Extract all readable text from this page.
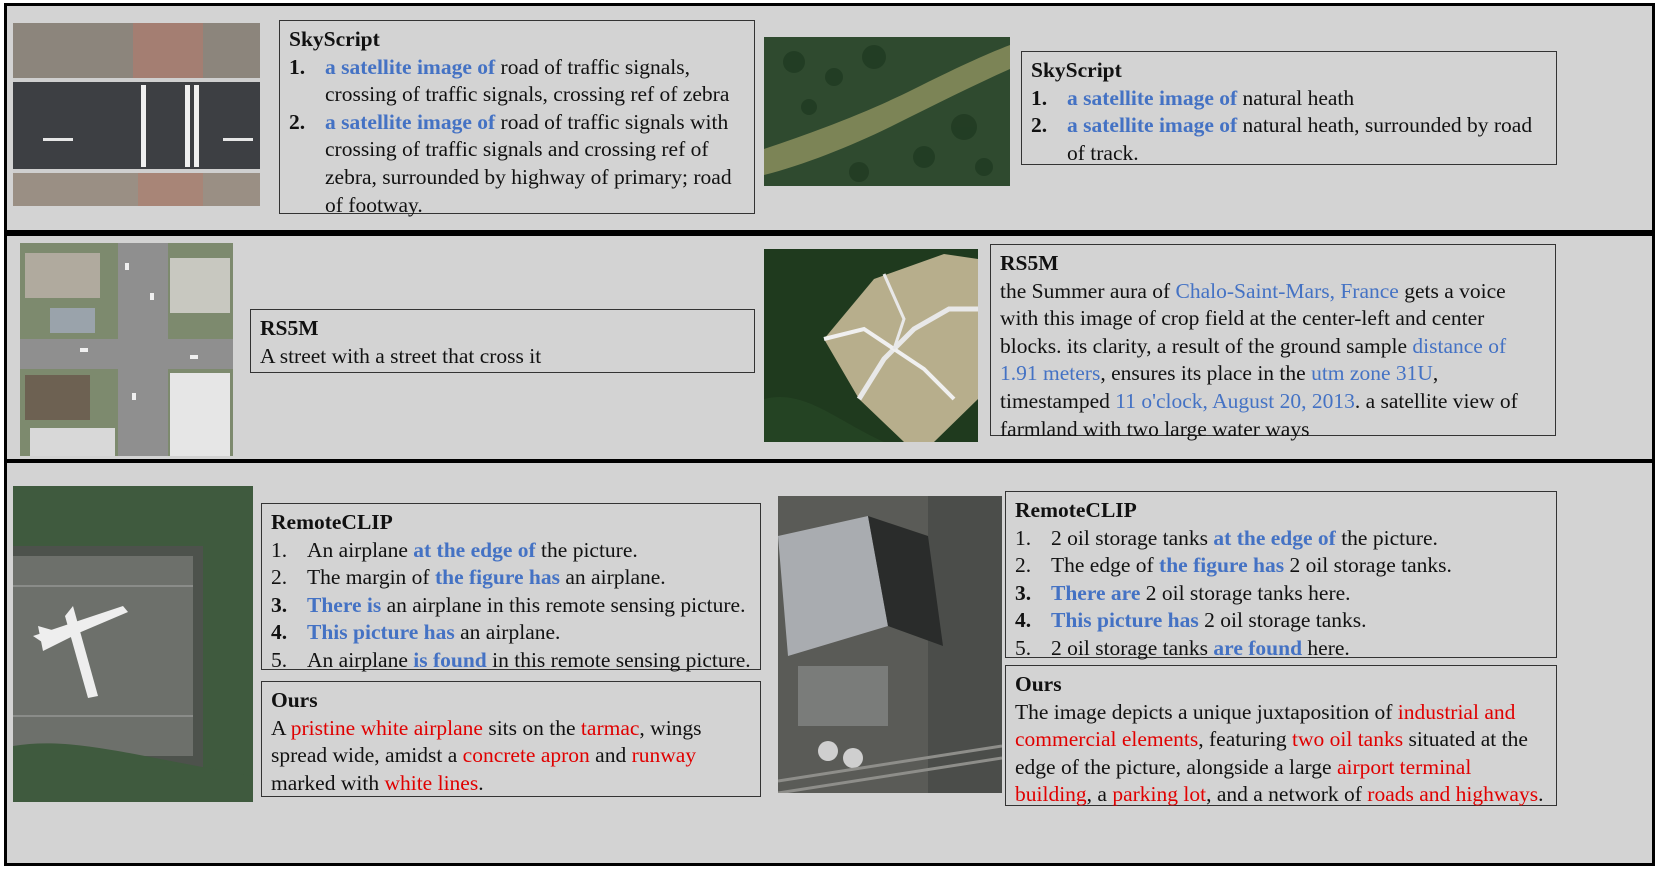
SkyScript
1. a satellite image of road of traffic signals, crossing of traffic signals, crossing ref of zebra
2. a satellite image of road of traffic signals with crossing of traffic signals and crossing ref of zebra, surrounded by highway of primary; road of footway.
SkyScript
1. a satellite image of natural heath
2. a satellite image of natural heath, surrounded by road of track.
RS5M
A street with a street that cross it
RS5M
the Summer aura of Chalo-Saint-Mars, France gets a voice with this image of crop field at the center-left and center blocks. its clarity, a result of the ground sample distance of 1.91 meters, ensures its place in the utm zone 31U, timestamped 11 o'clock, August 20, 2013. a satellite view of farmland with two large water ways
RemoteCLIP
1. An airplane at the edge of the picture.
2. The margin of the figure has an airplane.
3. There is an airplane in this remote sensing picture.
4. This picture has an airplane.
5. An airplane is found in this remote sensing picture.
Ours
A pristine white airplane sits on the tarmac, wings spread wide, amidst a concrete apron and runway marked with white lines.
RemoteCLIP
1. 2 oil storage tanks at the edge of the picture.
2. The edge of the figure has 2 oil storage tanks.
3. There are 2 oil storage tanks here.
4. This picture has 2 oil storage tanks.
5. 2 oil storage tanks are found here.
Ours
The image depicts a unique juxtaposition of industrial and commercial elements, featuring two oil tanks situated at the edge of the picture, alongside a large airport terminal building, a parking lot, and a network of roads and highways.
